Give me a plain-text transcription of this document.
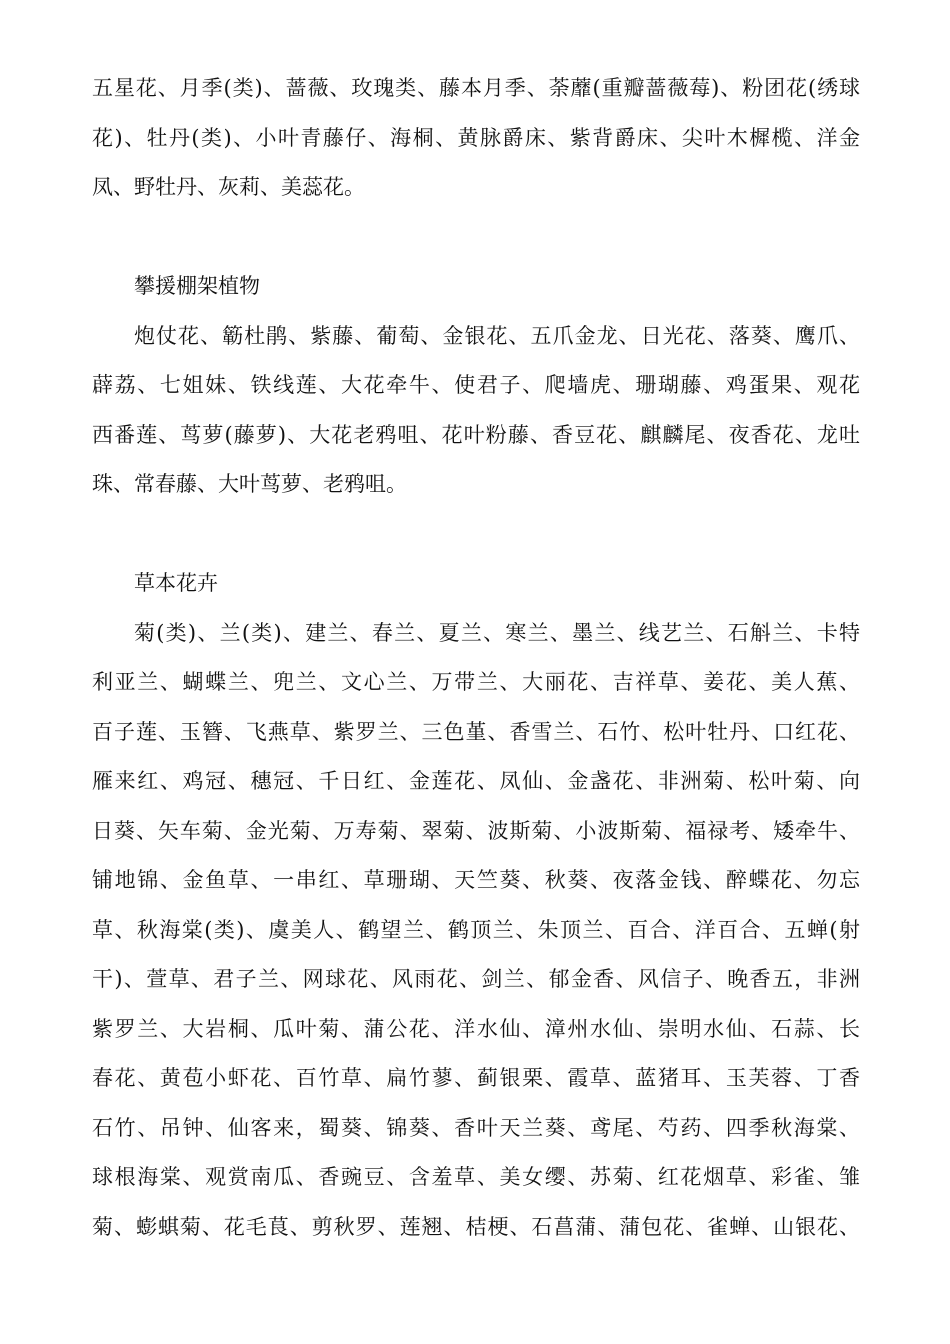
五星花、月季(类)、蔷薇、玫瑰类、藤本月季、荼蘼(重瓣蔷薇莓)、粉团花(绣球
花)、牡丹(类)、小叶青藤仔、海桐、黄脉爵床、紫背爵床、尖叶木樨榄、洋金
凤、野牡丹、灰莉、美蕊花。
攀援棚架植物
炮仗花、簕杜鹃、紫藤、葡萄、金银花、五爪金龙、日光花、落葵、鹰爪、
薜荔、七姐妹、铁线莲、大花牵牛、使君子、爬墙虎、珊瑚藤、鸡蛋果、观花
西番莲、茑萝(藤萝)、大花老鸦咀、花叶粉藤、香豆花、麒麟尾、夜香花、龙吐
珠、常春藤、大叶茑萝、老鸦咀。
草本花卉
菊(类)、兰(类)、建兰、春兰、夏兰、寒兰、墨兰、线艺兰、石斛兰、卡特
利亚兰、蝴蝶兰、兜兰、文心兰、万带兰、大丽花、吉祥草、姜花、美人蕉、
百子莲、玉簪、飞燕草、紫罗兰、三色堇、香雪兰、石竹、松叶牡丹、口红花、
雁来红、鸡冠、穗冠、千日红、金莲花、凤仙、金盏花、非洲菊、松叶菊、向
日葵、矢车菊、金光菊、万寿菊、翠菊、波斯菊、小波斯菊、福禄考、矮牵牛、
铺地锦、金鱼草、一串红、草珊瑚、天竺葵、秋葵、夜落金钱、醉蝶花、勿忘
草、秋海棠(类)、虞美人、鹤望兰、鹤顶兰、朱顶兰、百合、洋百合、五蝉(射
干)、萱草、君子兰、网球花、风雨花、剑兰、郁金香、风信子、晚香五，非洲
紫罗兰、大岩桐、瓜叶菊、蒲公花、洋水仙、漳州水仙、崇明水仙、石蒜、长
春花、黄苞小虾花、百竹草、扁竹蓼、蓟银栗、霞草、蓝猪耳、玉芙蓉、丁香
石竹、吊钟、仙客来，蜀葵、锦葵、香叶天兰葵、鸢尾、芍药、四季秋海棠、
球根海棠、观赏南瓜、香豌豆、含羞草、美女缨、苏菊、红花烟草、彩雀、雏
菊、蟛蜞菊、花毛茛、剪秋罗、莲翘、桔梗、石菖蒲、蒲包花、雀蝉、山银花、
